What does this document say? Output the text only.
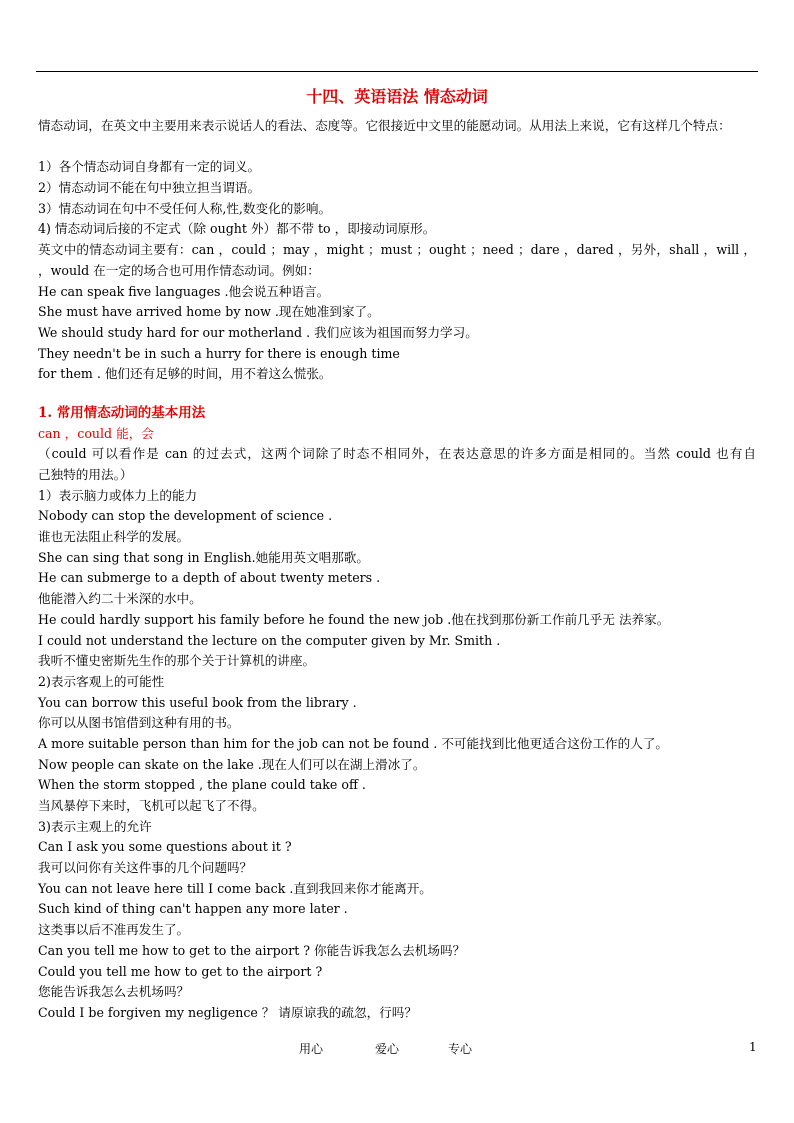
十四、英语语法 情态动词
情态动词，在英文中主要用来表示说话人的看法、态度等。它很接近中文里的能愿动词。从用法上来说，它有这样几个特点：
1）各个情态动词自身都有一定的词义。
2）情态动词不能在句中独立担当谓语。
3）情态动词在句中不受任何人称,性,数变化的影响。
4) 情态动词后接的不定式（除 ought 外）都不带 to ，即接动词原形。
英文中的情态动词主要有：can ，could ；may ，might ；must ；ought ；need ；dare ，dared ，另外，shall ，will ，
，would 在一定的场合也可用作情态动词。例如：
He can speak five languages .他会说五种语言。
She must have arrived home by now .现在她准到家了。
We should study hard for our motherland . 我们应该为祖国而努力学习。
They needn't be in such a hurry for there is enough time
for them . 他们还有足够的时间，用不着这么慌张。
1. 常用情态动词的基本用法
can ，could 能，会
（could 可以看作是 can 的过去式，这两个词除了时态不相同外，在表达意思的许多方面是相同的。当然 could 也有自
己独特的用法。）
1）表示脑力或体力上的能力
Nobody can stop the development of science .
谁也无法阻止科学的发展。
She can sing that song in English.她能用英文唱那歌。
He can submerge to a depth of about twenty meters .
他能潜入约二十米深的水中。
He could hardly support his family before he found the new job .他在找到那份新工作前几乎无 法养家。
I could not understand the lecture on the computer given by Mr. Smith .
我听不懂史密斯先生作的那个关于计算机的讲座。
2)表示客观上的可能性
You can borrow this useful book from the library .
你可以从图书馆借到这种有用的书。
A more suitable person than him for the job can not be found . 不可能找到比他更适合这份工作的人了。
Now people can skate on the lake .现在人们可以在湖上滑冰了。
When the storm stopped , the plane could take off .
当风暴停下来时，飞机可以起飞了不得。
3)表示主观上的允许
Can I ask you some questions about it ?
我可以问你有关这件事的几个问题吗？
You can not leave here till I come back .直到我回来你才能离开。
Such kind of thing can't happen any more later .
这类事以后不准再发生了。
Can you tell me how to get to the airport ? 你能告诉我怎么去机场吗？
Could you tell me how to get to the airport ?
您能告诉我怎么去机场吗？
Could I be forgiven my negligence ？ 请原谅我的疏忽，行吗？
用心	爱心	专心	1
